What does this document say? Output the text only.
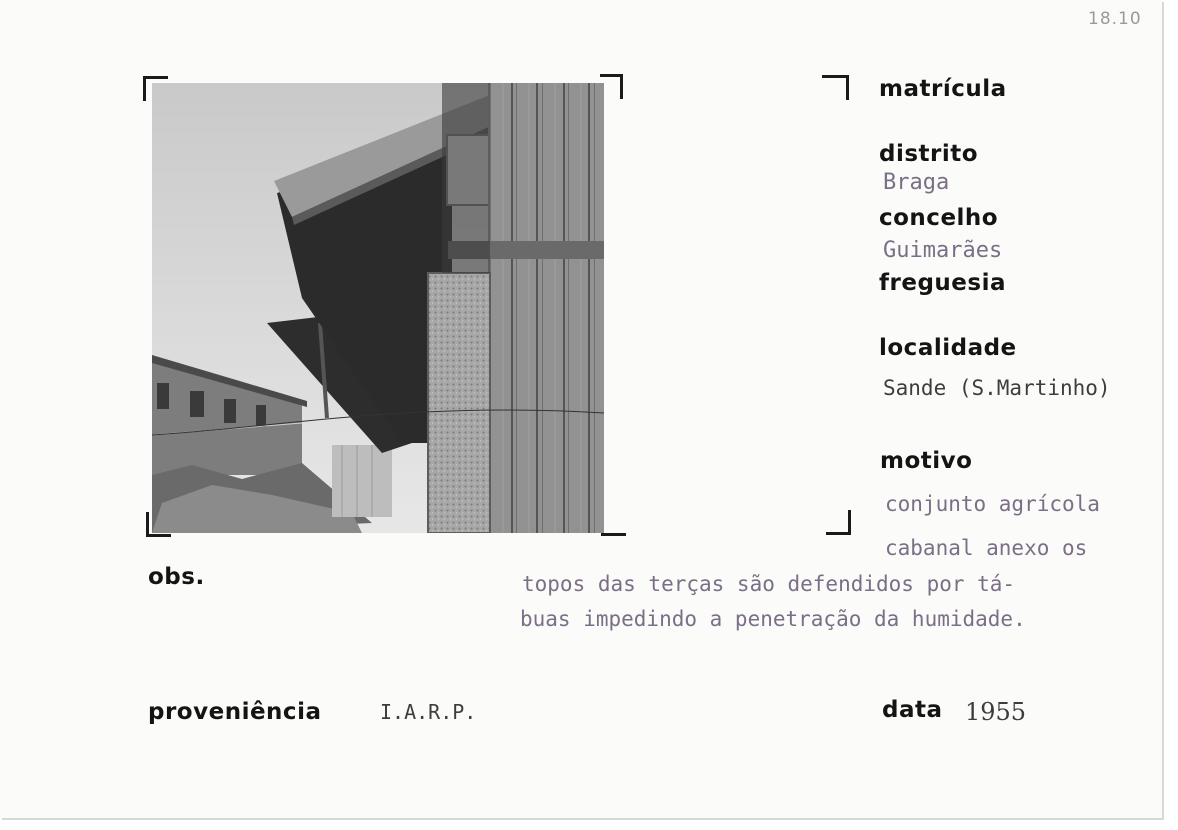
18.10
matrícula
distrito
Braga
concelho
Guimarães
freguesia
localidade
Sande (S.Martinho)
motivo
conjunto agrícola
obs.
cabanal anexo os
topos das terças são defendidos por tá-
buas impedindo a penetração da humidade.
proveniência	I.A.R.P.	data 1955
